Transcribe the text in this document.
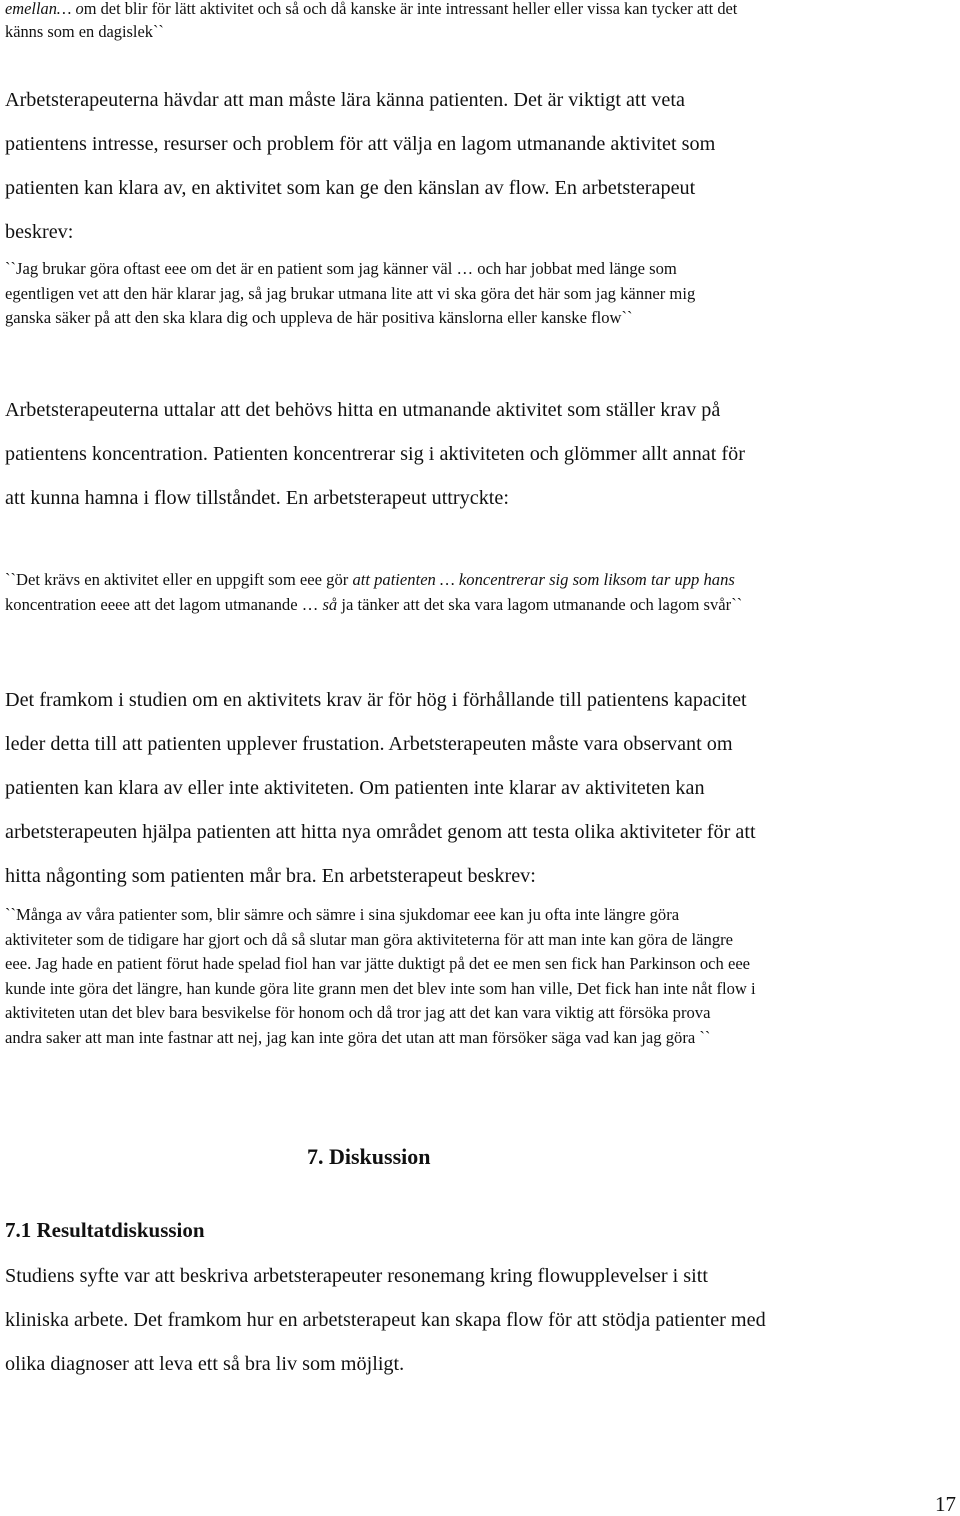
emellan… om det blir för lätt aktivitet och så och då kanske är inte intressant heller eller vissa kan tycker att det
känns som en dagislek``
Arbetsterapeuterna hävdar att man måste lära känna patienten. Det är viktigt att veta
patientens intresse, resurser och problem för att välja en lagom utmanande aktivitet som
patienten kan klara av, en aktivitet som kan ge den känslan av flow. En arbetsterapeut
beskrev:
``Jag brukar göra oftast eee om det är en patient som jag känner väl … och har jobbat med länge som
egentligen vet att den här klarar jag, så jag brukar utmana lite att vi ska göra det här som jag känner mig
ganska säker på att den ska klara dig och uppleva de här positiva känslorna eller kanske flow``
Arbetsterapeuterna uttalar att det behövs hitta en utmanande aktivitet som ställer krav på
patientens koncentration. Patienten koncentrerar sig i aktiviteten och glömmer allt annat för
att kunna hamna i flow tillståndet. En arbetsterapeut uttryckte:
``Det krävs en aktivitet eller en uppgift som eee gör att patienten … koncentrerar sig som liksom tar upp hans
koncentration eeee att det lagom utmanande … så ja tänker att det ska vara lagom utmanande och lagom svår``
Det framkom i studien om en aktivitets krav är för hög i förhållande till patientens kapacitet
leder detta till att patienten upplever frustation. Arbetsterapeuten måste vara observant om
patienten kan klara av eller inte aktiviteten. Om patienten inte klarar av aktiviteten kan
arbetsterapeuten hjälpa patienten att hitta nya området genom att testa olika aktiviteter för att
hitta någonting som patienten mår bra. En arbetsterapeut beskrev:
``Många av våra patienter som, blir sämre och sämre i sina sjukdomar eee kan ju ofta inte längre göra
aktiviteter som de tidigare har gjort och då så slutar man göra aktiviteterna för att man inte kan göra de längre
eee. Jag hade en patient förut hade spelad fiol han var jätte duktigt på det ee men sen fick han Parkinson och eee
kunde inte göra det längre, han kunde göra lite grann men det blev inte som han ville, Det fick han inte nåt flow i
aktiviteten utan det blev bara besvikelse för honom och då tror jag att det kan vara viktig att försöka prova
andra saker att man inte fastnar att nej, jag kan inte göra det utan att man försöker säga vad kan jag göra ``
7. Diskussion
7.1 Resultatdiskussion
Studiens syfte var att beskriva arbetsterapeuter resonemang kring flowupplevelser i sitt
kliniska arbete. Det framkom hur en arbetsterapeut kan skapa flow för att stödja patienter med
olika diagnoser att leva ett så bra liv som möjligt.
17
